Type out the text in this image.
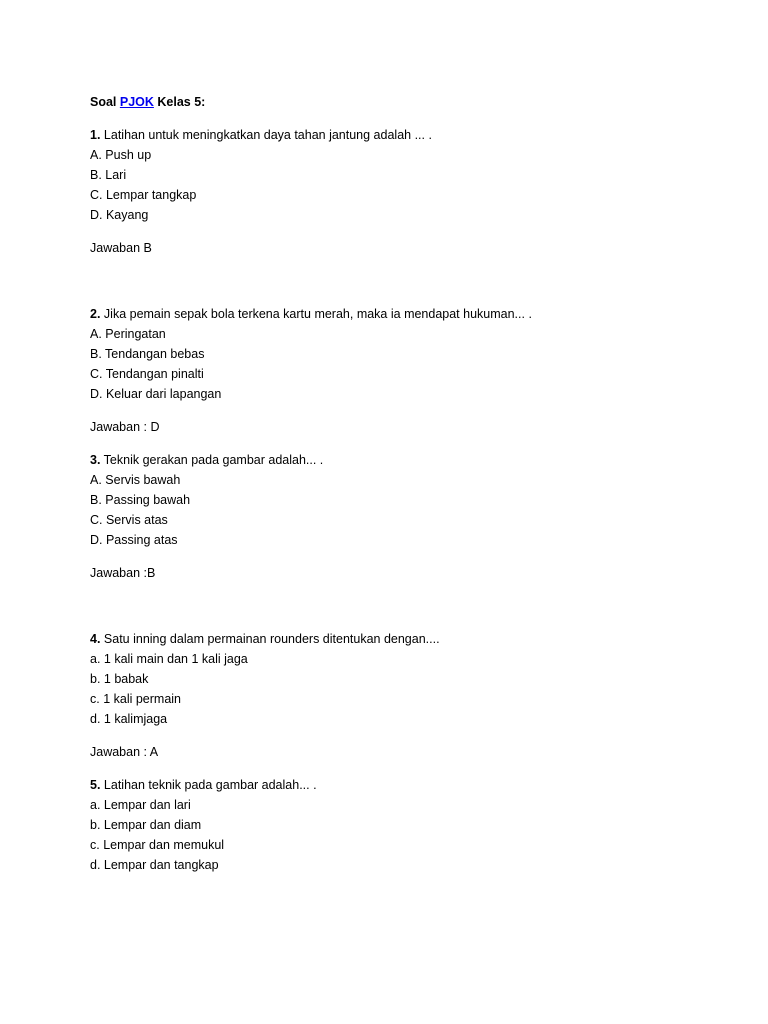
Soal PJOK Kelas 5:

1. Latihan untuk meningkatkan daya tahan jantung adalah ... .

A. Push up

B. Lari

C. Lempar tangkap

D. Kayang

Jawaban B

2. Jika pemain sepak bola terkena kartu merah, maka ia mendapat hukuman... .

A. Peringatan

B. Tendangan bebas

C. Tendangan pinalti

D. Keluar dari lapangan

Jawaban : D

3. Teknik gerakan pada gambar adalah... .

A. Servis bawah

B. Passing bawah

C. Servis atas

D. Passing atas

Jawaban :B

4. Satu inning dalam permainan rounders ditentukan dengan....

a. 1 kali main dan 1 kali jaga

b. 1 babak

c. 1 kali permain

d. 1 kalimjaga

Jawaban : A

5. Latihan teknik pada gambar adalah... .

a. Lempar dan lari

b. Lempar dan diam

c. Lempar dan memukul

d. Lempar dan tangkap
